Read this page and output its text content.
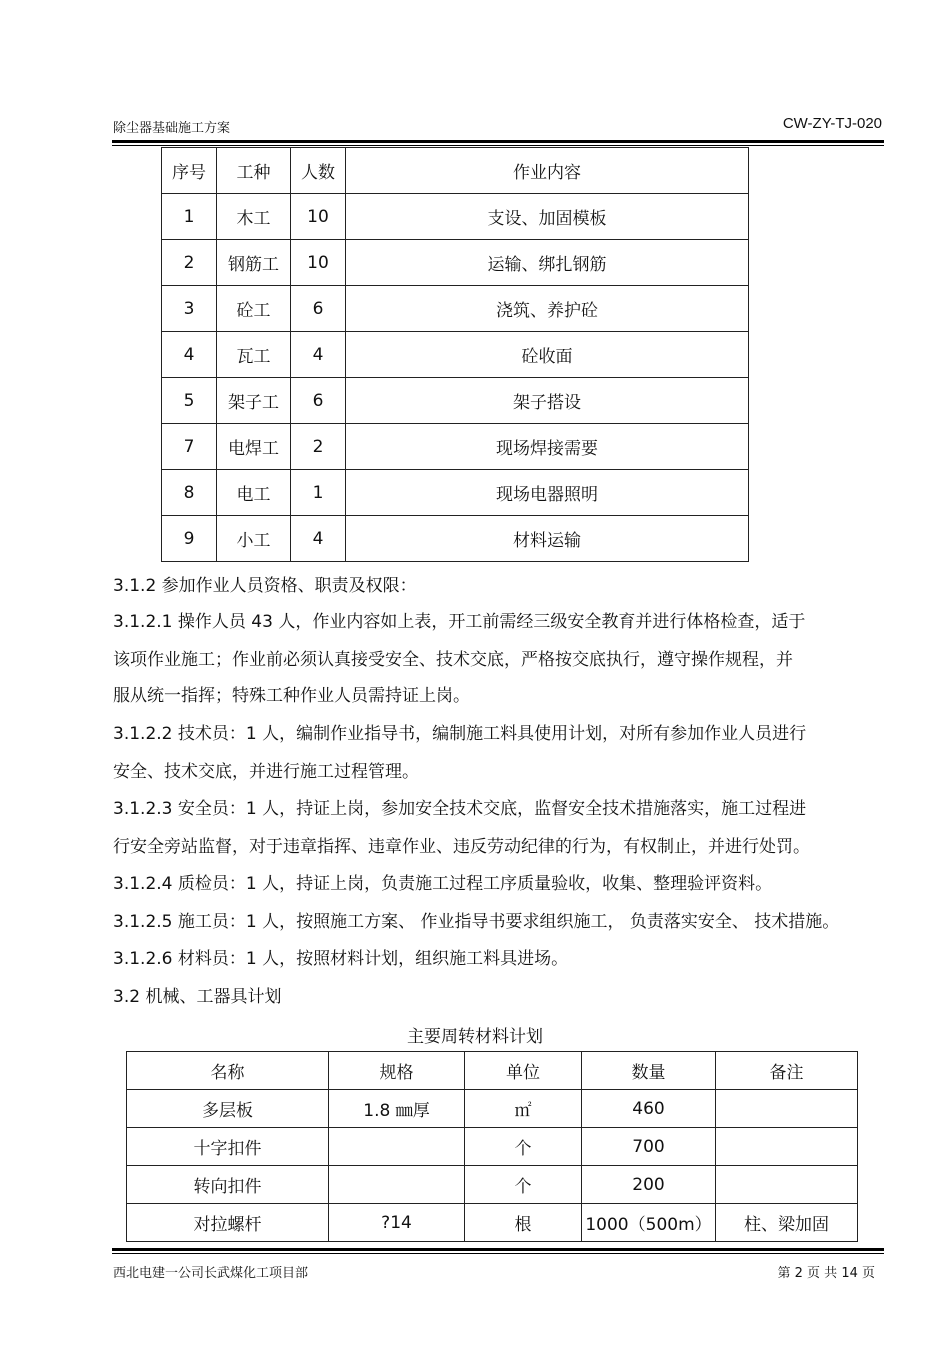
除尘器基础施工方案	CW-ZY-TJ-020
序号	工种	人数	作业内容
1	木工	10	支设、加固模板
2	钢筋工	10	运输、绑扎钢筋
3	砼工	6	浇筑、养护砼
4	瓦工	4	砼收面
5	架子工	6	架子搭设
7	电焊工	2	现场焊接需要
8	电工	1	现场电器照明
9	小工	4	材料运输
3.1.2 参加作业人员资格、职责及权限：
3.1.2.1 操作人员 43 人，作业内容如上表，开工前需经三级安全教育并进行体格检查，适于
该项作业施工；作业前必须认真接受安全、技术交底，严格按交底执行，遵守操作规程，并
服从统一指挥；特殊工种作业人员需持证上岗。
3.1.2.2 技术员：1 人，编制作业指导书，编制施工料具使用计划，对所有参加作业人员进行
安全、技术交底，并进行施工过程管理。
3.1.2.3 安全员：1 人，持证上岗，参加安全技术交底，监督安全技术措施落实，施工过程进
行安全旁站监督，对于违章指挥、违章作业、违反劳动纪律的行为，有权制止，并进行处罚。
3.1.2.4 质检员：1 人，持证上岗，负责施工过程工序质量验收，收集、整理验评资料。
3.1.2.5 施工员：1 人，按照施工方案、 作业指导书要求组织施工， 负责落实安全、 技术措施。
3.1.2.6 材料员：1 人，按照材料计划，组织施工料具进场。
3.2 机械、工器具计划
主要周转材料计划
名称	规格	单位	数量	备注
多层板	1.8 ㎜厚	㎡	460	
十字扣件		个	700	
转向扣件		个	200	
对拉螺杆	?14	根	1000（500m）	柱、梁加固
西北电建一公司长武煤化工项目部	第 2 页 共 14 页
